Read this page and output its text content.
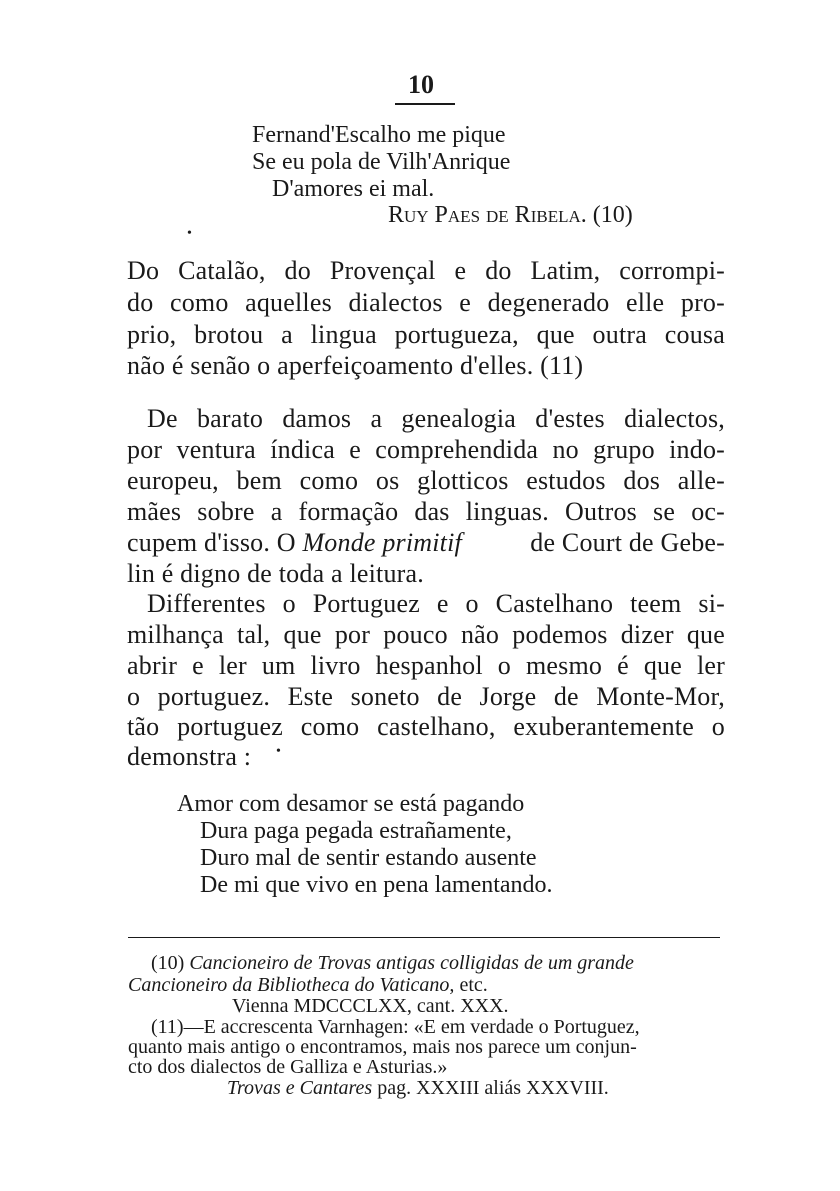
10
Fernand'Escalho me pique
Se eu pola de Vilh'Anrique
D'amores ei mal.
Ruy Paes de Ribela. (10)
•
Do Catalão, do Provençal e do Latim, corrompi-
do como aquelles dialectos e degenerado elle pro-
prio, brotou a lingua portugueza, que outra cousa
não é senão o aperfeiçoamento d'elles. (11)
De barato damos a genealogia d'estes dialectos,
por ventura índica e comprehendida no grupo indo-
europeu, bem como os glotticos estudos dos alle-
mães sobre a formação das linguas. Outros se oc-
cupem d'isso. O Monde primitif de Court de Gebe-
lin é digno de toda a leitura.
Differentes o Portuguez e o Castelhano teem si-
milhança tal, que por pouco não podemos dizer que
abrir e ler um livro hespanhol o mesmo é que ler
o portuguez. Este soneto de Jorge de Monte-Mor,
tão portuguez como castelhano, exuberantemente o
demonstra : •
Amor com desamor se está pagando
Dura paga pegada estrañamente,
Duro mal de sentir estando ausente
De mi que vivo en pena lamentando.
(10) Cancioneiro de Trovas antigas colligidas de um grande
Cancioneiro da Bibliotheca do Vaticano, etc.
Vienna MDCCCLXX, cant. XXX.
(11)—E accrescenta Varnhagen: «E em verdade o Portuguez,
quanto mais antigo o encontramos, mais nos parece um conjun-
cto dos dialectos de Galliza e Asturias.»
Trovas e Cantares pag. XXXIII aliás XXXVIII.
